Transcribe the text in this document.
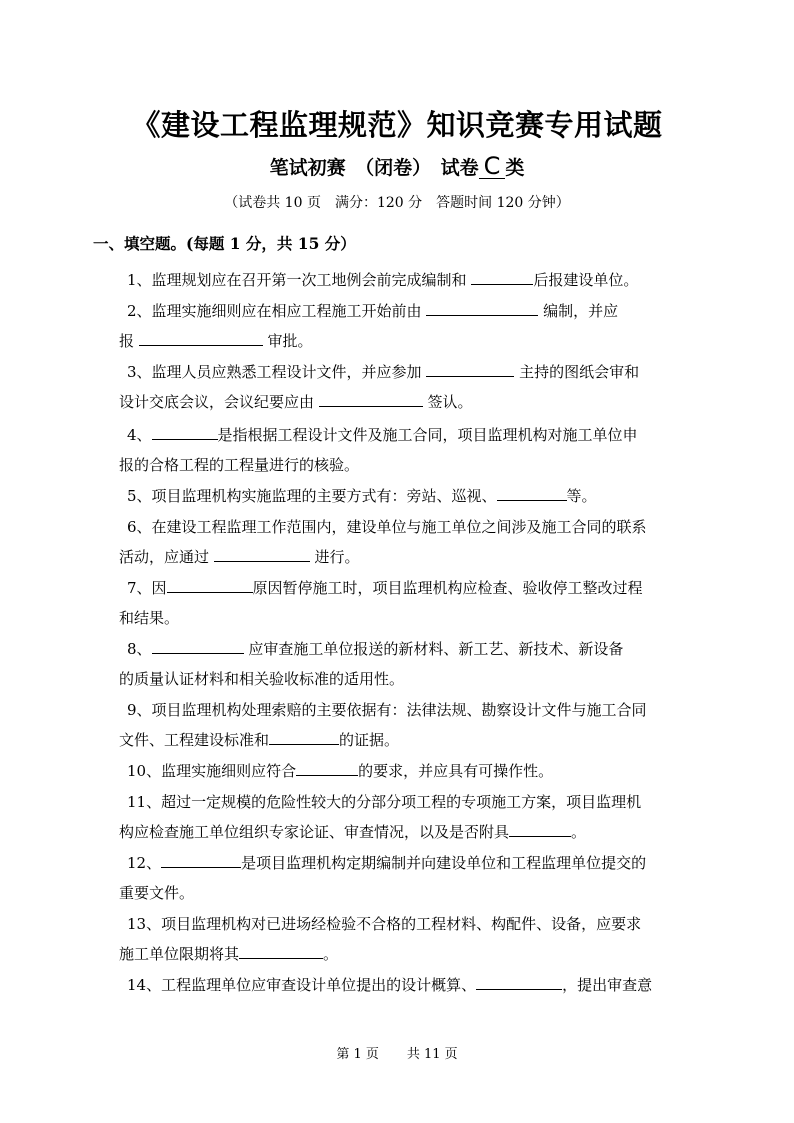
《建设工程监理规范》知识竞赛专用试题
笔试初赛　（闭卷）　试卷 C 类
（试卷共 10 页　满分：120 分　答题时间 120 分钟）
一、填空题。(每题 1 分，共 15 分）
1、监理规划应在召开第一次工地例会前完成编制和	后报建设单位。
2、监理实施细则应在相应工程施工开始前由	编制，并应
报	审批。
3、监理人员应熟悉工程设计文件，并应参加	主持的图纸会审和
设计交底会议，会议纪要应由	签认。
4、	是指根据工程设计文件及施工合同，项目监理机构对施工单位申
报的合格工程的工程量进行的核验。
5、项目监理机构实施监理的主要方式有：旁站、巡视、	等。
6、在建设工程监理工作范围内，建设单位与施工单位之间涉及施工合同的联系
活动，应通过	进行。
7、因	原因暂停施工时，项目监理机构应检查、验收停工整改过程
和结果。
8、	应审查施工单位报送的新材料、新工艺、新技术、新设备
的质量认证材料和相关验收标准的适用性。
9、项目监理机构处理索赔的主要依据有：法律法规、勘察设计文件与施工合同
文件、工程建设标准和	的证据。
10、监理实施细则应符合	的要求，并应具有可操作性。
11、超过一定规模的危险性较大的分部分项工程的专项施工方案，项目监理机
构应检查施工单位组织专家论证、审查情况，以及是否附具	。
12、	是项目监理机构定期编制并向建设单位和工程监理单位提交的
重要文件。
13、项目监理机构对已进场经检验不合格的工程材料、构配件、设备，应要求
施工单位限期将其	。
14、工程监理单位应审查设计单位提出的设计概算、	，提出审查意
第 1 页 共 11 页
